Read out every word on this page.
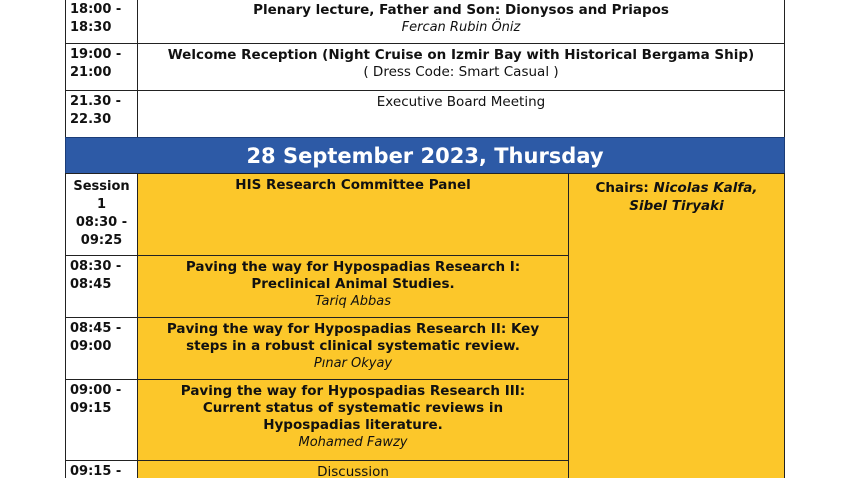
18:00 -
18:30
Plenary lecture, Father and Son: Dionysos and Priapos
Fercan Rubin Öniz
19:00 -
21:00
Welcome Reception (Night Cruise on Izmir Bay with Historical Bergama Ship)
( Dress Code: Smart Casual )
21.30 -
22.30
Executive Board Meeting
28 September 2023, Thursday
Session
1
08:30 -
09:25
HIS Research Committee Panel	Chairs: Nicolas Kalfa,
Sibel Tiryaki
08:30 -
08:45
Paving the way for Hypospadias Research I:
Preclinical Animal Studies.
Tariq Abbas
08:45 -
09:00
Paving the way for Hypospadias Research II: Key
steps in a robust clinical systematic review.
Pınar Okyay
09:00 -
09:15
Paving the way for Hypospadias Research III:
Current status of systematic reviews in
Hypospadias literature.
Mohamed Fawzy
09:15 -	Discussion
